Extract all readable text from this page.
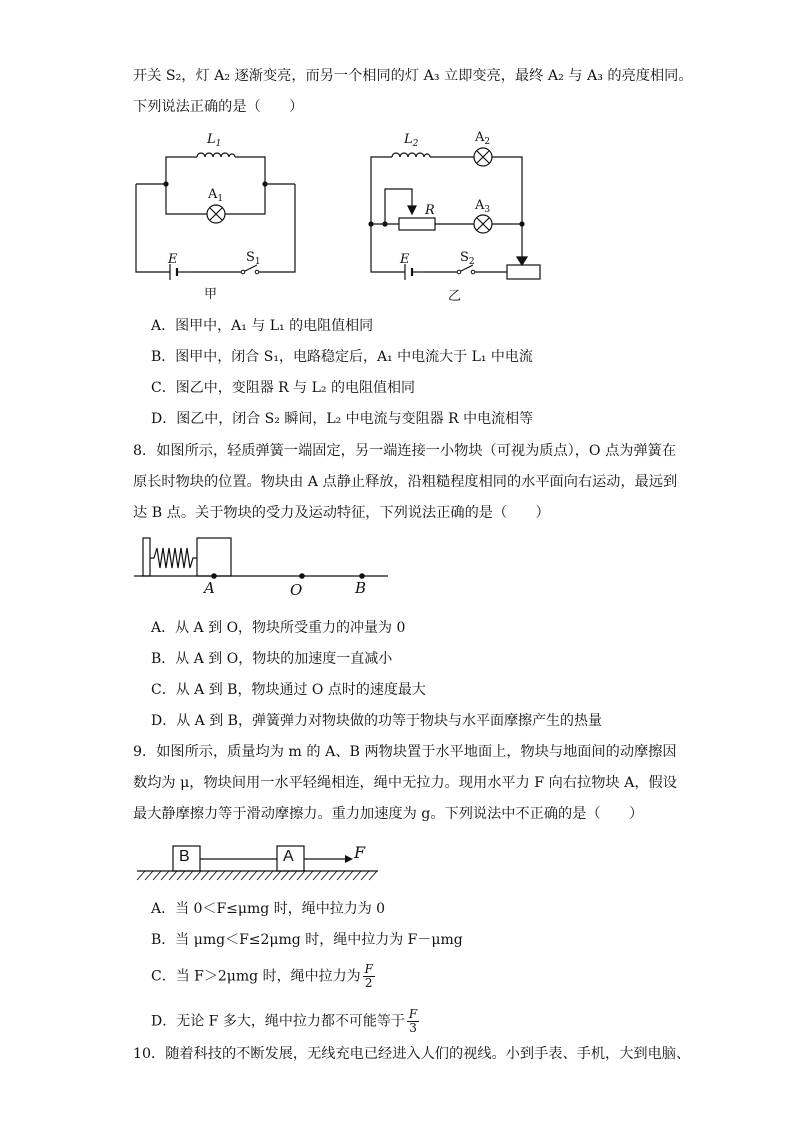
开关 S₂，灯 A₂ 逐渐变亮，而另一个相同的灯 A₃ 立即变亮，最终 A₂ 与 A₃ 的亮度相同。
下列说法正确的是（　　）
$L_1$
$A_1$
E	$S_1$
甲
$L_2$	$A_2$
$A_3$
R
E	$S_2$
乙
A．图甲中，A₁ 与 L₁ 的电阻值相同
B．图甲中，闭合 S₁，电路稳定后，A₁ 中电流大于 L₁ 中电流
C．图乙中，变阻器 R 与 L₂ 的电阻值相同
D．图乙中，闭合 S₂ 瞬间，L₂ 中电流与变阻器 R 中电流相等
8．如图所示，轻质弹簧一端固定，另一端连接一小物块（可视为质点），O 点为弹簧在
原长时物块的位置。物块由 A 点静止释放，沿粗糙程度相同的水平面向右运动，最远到
达 B 点。关于物块的受力及运动特征，下列说法正确的是（　　）
A	O	B
A．从 A 到 O，物块所受重力的冲量为 0
B．从 A 到 O，物块的加速度一直减小
C．从 A 到 B，物块通过 O 点时的速度最大
D．从 A 到 B，弹簧弹力对物块做的功等于物块与水平面摩擦产生的热量
9．如图所示，质量均为 m 的 A、B 两物块置于水平地面上，物块与地面间的动摩擦因
数均为 μ，物块间用一水平轻绳相连，绳中无拉力。现用水平力 F 向右拉物块 A，假设
最大静摩擦力等于滑动摩擦力。重力加速度为 g。下列说法中不正确的是（　　）
B	A	F
A．当 0＜F≤μmg 时，绳中拉力为 0
B．当 μmg＜F≤2μmg 时，绳中拉力为 F－μmg
C．当 F＞2μmg 时，绳中拉力为 $\frac{F}{2}$
D．无论 F 多大，绳中拉力都不可能等于 $\frac{F}{3}$
10．随着科技的不断发展，无线充电已经进入人们的视线。小到手表、手机，大到电脑、
